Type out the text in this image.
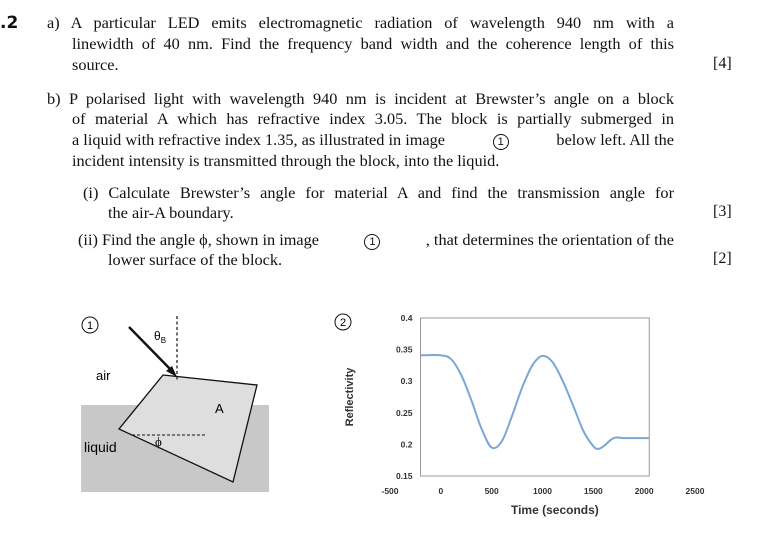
.2 a) A particular LED emits electromagnetic radiation of wavelength 940 nm with a
linewidth of 40 nm. Find the frequency band width and the coherence length of this
source.	[4]
b) P polarised light with wavelength 940 nm is incident at Brewster’s angle on a block
of material A which has refractive index 3.05. The block is partially submerged in
a liquid with refractive index 1.35, as illustrated in image	1	below left. All the
incident intensity is transmitted through the block, into the liquid.
(i) Calculate Brewster’s angle for material A and find the transmission angle for
the air-A boundary.	[3]
(ii) Find the angle ϕ, shown in image	1	, that determines the orientation of the
lower surface of the block.	[2]
1
$\theta_B$
air
A
liquid	ϕ
2
-500	0	500	1000	1500	2000	2500
0.15
0.2
0.25
0.3
0.35
0.4
Reflectivity
Time (seconds)
